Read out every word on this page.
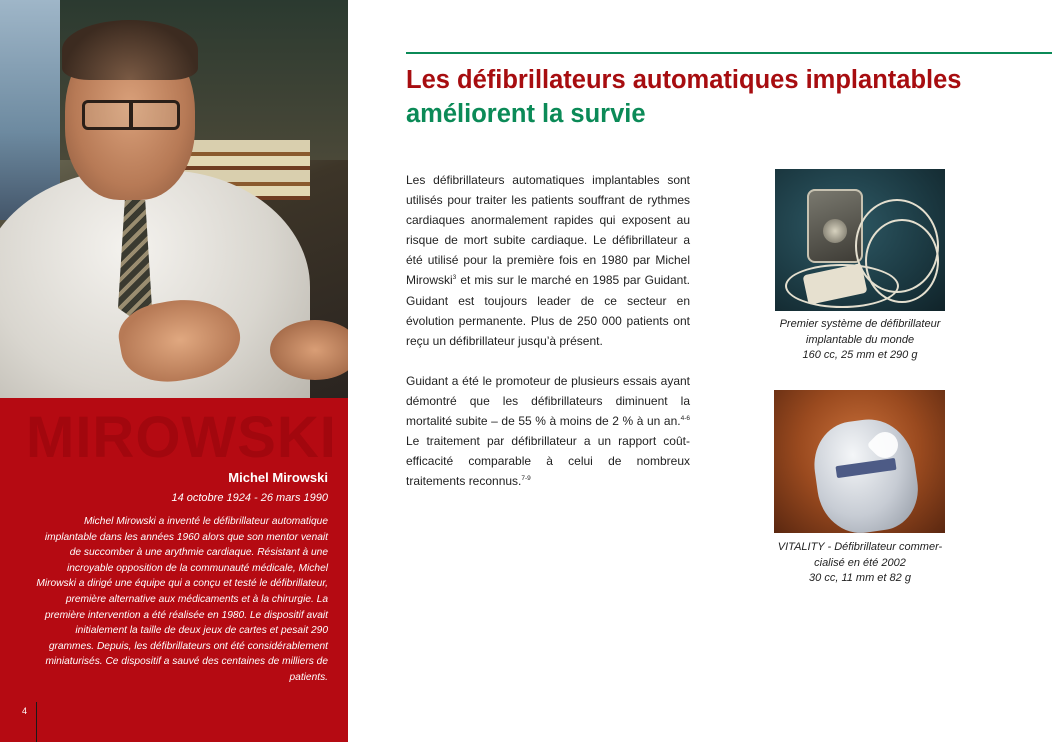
MIROWSKI
Michel Mirowski
14 octobre 1924 - 26 mars 1990
Michel Mirowski a inventé le défibrillateur automatique implantable dans les années 1960 alors que son mentor venait de succomber à une arythmie cardiaque. Résistant à une incroyable opposition de la communauté médicale, Michel Mirowski a dirigé une équipe qui a conçu et testé le défibrillateur, première alternative aux médicaments et à la chirurgie. La première intervention a été réalisée en 1980. Le dispositif avait initialement la taille de deux jeux de cartes et pesait 290 grammes. Depuis, les défibrillateurs ont été considérablement miniaturisés. Ce dispositif a sauvé des centaines de milliers de patients.
4
Les défibrillateurs automatiques implantables
améliorent la survie

Les défibrillateurs automatiques implantables sont utilisés pour traiter les patients souffrant de rythmes cardiaques anormalement rapides qui exposent au risque de mort subite cardiaque. Le défibrillateur a été utilisé pour la première fois en 1980 par Michel Mirowski$^3$ et mis sur le marché en 1985 par Guidant. Guidant est toujours leader de ce secteur en évolution permanente. Plus de 250 000 patients ont reçu un défibrillateur jusqu’à présent.

Guidant a été le promoteur de plusieurs essais ayant démontré que les défibrillateurs diminuent la mortalité subite – de 55 % à moins de 2 % à un an.$^{4-6}$ Le traitement par défibrillateur a un rapport coût-efficacité comparable à celui de nombreux traitements reconnus.$^{7-9}$

Premier système de défibrillateur
implantable du monde
160 cc, 25 mm et 290 g
VITALITY - Défibrillateur commer-
cialisé en été 2002
30 cc, 11 mm et 82 g
